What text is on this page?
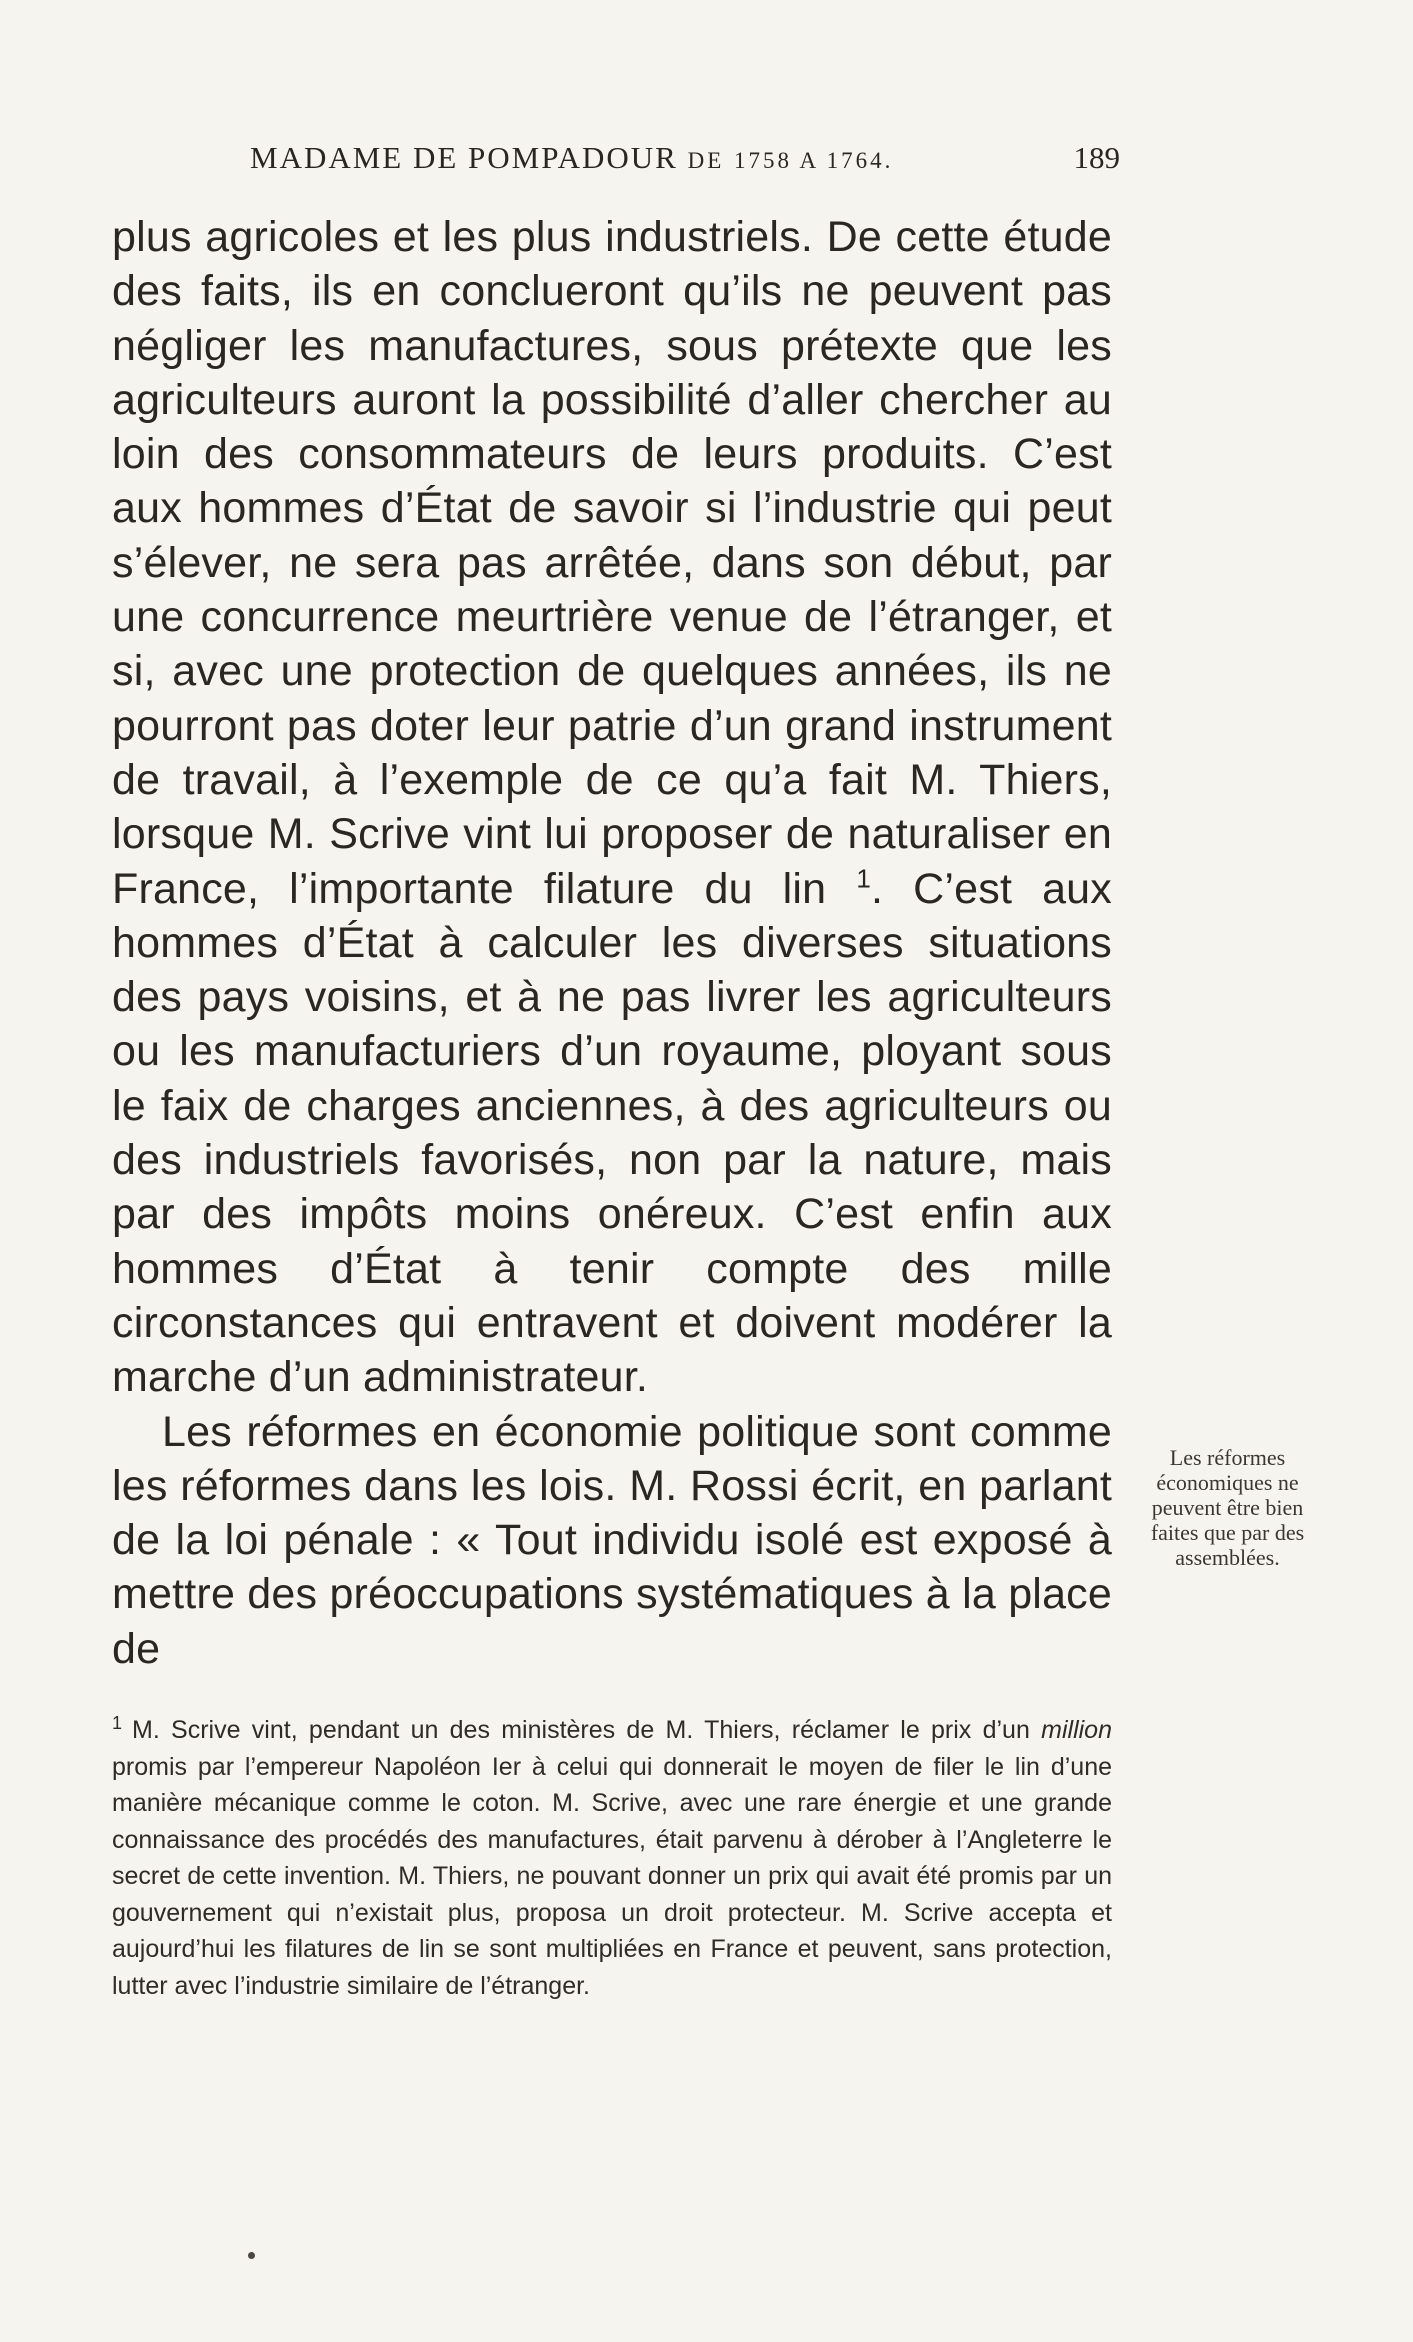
MADAME DE POMPADOUR DE 1758 A 1764.	189

plus agricoles et les plus industriels. De cette étude des faits, ils en conclueront qu’ils ne peuvent pas négliger les manufactures, sous prétexte que les agriculteurs auront la possibilité d’aller chercher au loin des consommateurs de leurs produits. C’est aux hommes d’État de savoir si l’industrie qui peut s’élever, ne sera pas arrêtée, dans son début, par une concurrence meurtrière venue de l’étranger, et si, avec une protection de quelques années, ils ne pourront pas doter leur patrie d’un grand instrument de travail, à l’exemple de ce qu’a fait M. Thiers, lorsque M. Scrive vint lui proposer de naturaliser en France, l’importante filature du lin $^1$. C’est aux hommes d’État à calculer les diverses situations des pays voisins, et à ne pas livrer les agriculteurs ou les manufacturiers d’un royaume, ployant sous le faix de charges anciennes, à des agriculteurs ou des industriels favorisés, non par la nature, mais par des impôts moins onéreux. C’est enfin aux hommes d’État à tenir compte des mille circonstances qui entravent et doivent modérer la marche d’un administrateur.

Les réformes en économie politique sont comme les réformes dans les lois. M. Rossi écrit, en parlant de la loi pénale : « Tout individu isolé est exposé à mettre des préoccupations systématiques à la place de

Les réformes économiques ne peuvent être bien faites que par des assemblées.
$^1$ M. Scrive vint, pendant un des ministères de M. Thiers, réclamer le prix d’un million promis par l’empereur Napoléon Ier à celui qui donnerait le moyen de filer le lin d’une manière mécanique comme le coton. M. Scrive, avec une rare énergie et une grande connaissance des procédés des manufactures, était parvenu à dérober à l’Angleterre le secret de cette invention. M. Thiers, ne pouvant donner un prix qui avait été promis par un gouvernement qui n’existait plus, proposa un droit protecteur. M. Scrive accepta et aujourd’hui les filatures de lin se sont multipliées en France et peuvent, sans protection, lutter avec l’industrie similaire de l’étranger.
